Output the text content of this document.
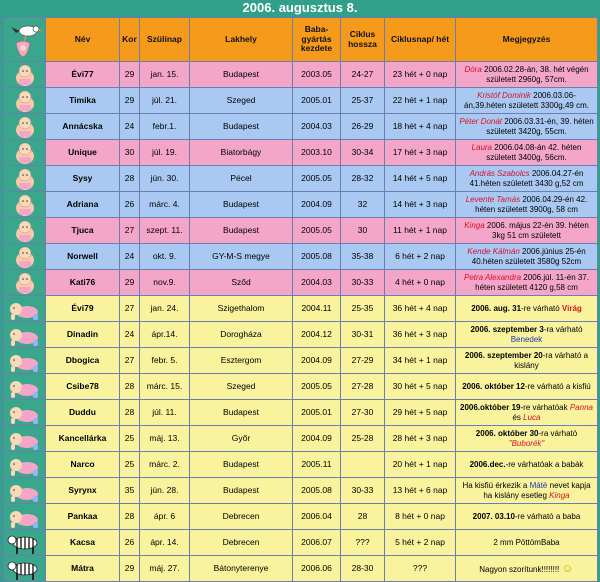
2006. augusztus 8.
	Név	Kor	Szülinap	Lakhely	Baba-gyártás kezdete	Ciklus hossza	Ciklusnap/ hét	Megjegyzés

	Évi77	29	jan. 15.	Budapest	2003.05	24-27	23 hét + 0 nap	Dóra 2006.02.28-án, 38. hét végén született 2960g, 57cm.

	Timika	29	júl. 21.	Szeged	2005.01	25-37	22 hét + 1 nap	Kristóf Dominik 2006.03.06-án,39.héten született 3300g,49 cm.

	Annácska	24	febr.1.	Budapest	2004.03	26-29	18 hét + 4 nap	Péter Donát 2006.03.31-én, 39. héten született 3420g, 55cm.

	Unique	30	júl. 19.	Biatorbágy	2003.10	30-34	17 hét + 3 nap	Laura 2006.04.08-án 42. héten született 3400g, 56cm.

	Sysy	28	jún. 30.	Pécel	2005.05	28-32	14 hét + 5 nap	András Szabolcs 2006.04.27-én 41.héten született 3430 g,52 cm

	Adriana	26	márc. 4.	Budapest	2004.09	32	14 hét + 3 nap	Levente Tamás 2006.04.29-én 42. héten született 3900g, 58 cm

	Tjuca	27	szept. 11.	Budapest	2005.05	30	11 hét + 1 nap	Kinga 2006. május 22-én 39. héten 3kg 51 cm született

	Norwell	24	okt. 9.	GY-M-S megye	2005.08	35-38	6 hét + 2 nap	Kende Kálmán 2006.június 25-én 40.héten született 3580g 52cm

	Kati76	29	nov.9.	Sződ	2004.03	30-33	4 hét + 0 nap	Petra Alexandra 2006.júl. 11-én 37. héten született 4120 g,58 cm

	Évi79	27	jan. 24.	Szigethalom	2004.11	25-35	36 hét + 4 nap	2006. aug. 31-re várható Virág

	Dinadin	24	ápr.14.	Dorogháza	2004.12	30-31	36 hét + 3 nap	2006. szeptember 3-ra várható Benedek

	Dbogica	27	febr. 5.	Esztergom	2004.09	27-29	34 hét + 1 nap	2006. szeptember 20-ra várható a kislány

	Csibe78	28	márc. 15.	Szeged	2005.05	27-28	30 hét + 5 nap	2006. október 12-re várható a kisfiú

	Duddu	28	júl. 11.	Budapest	2005.01	27-30	29 hét + 5 nap	2006.október 19-re várhatóak Panna és Luca

	Kancellárka	25	máj. 13.	Győr	2004.09	25-28	28 hét + 3 nap	2006. október 30-ra várható "Buborék"

	Narco	25	márc. 2.	Budapest	2005.11		20 hét + 1 nap	2006.dec.-re várhatóak a babák

	Syrynx	35	jún. 28.	Budapest	2005.08	30-33	13 hét + 6 nap	Ha kisfiú érkezik a Máté nevet kapja ha kislány esetleg Kinga

	Pankaa	28	ápr. 6	Debrecen	2006.04	28	8 hét + 0 nap	2007. 03.10-re várható a baba

	Kacsa	26	ápr. 14.	Debrecen	2006.07	???	5 hét + 2 nap	2 mm PöttömBaba

	Mátra	29	máj. 27.	Bátonyterenye	2006.06	28-30	???	Nagyon szorítunk!!!!!!!! ☺
